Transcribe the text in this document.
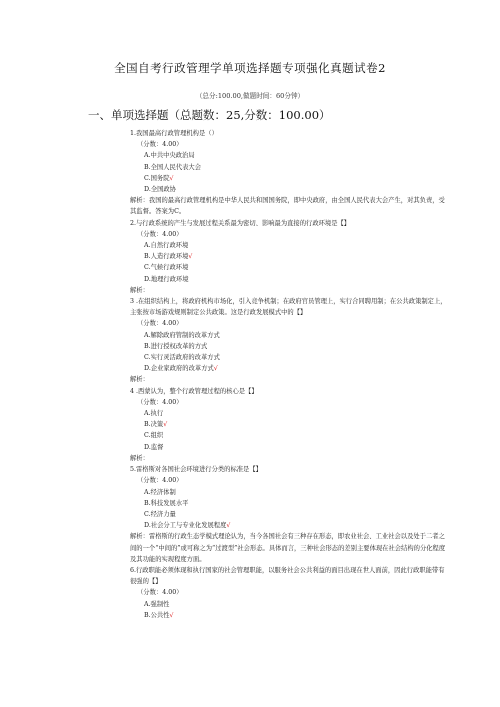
全国自考行政管理学单项选择题专项强化真题试卷2
（总分:100.00,做题时间：60分钟）
一、单项选择题（总题数：25,分数：100.00）
1.我国最高行政管理机构是（）
（分数：4.00）
A.中共中央政治局
B.全国人民代表大会
C.国务院√
D.全国政协
解析：我国的最高行政管理机构是中华人民共和国国务院，即中央政府，由全国人民代表大会产生，对其负责，受其监督。答案为C。
2.与行政系统的产生与发展过程关系最为密切、影响最为直接的行政环境是【】
（分数：4.00）
A.自然行政环境
B.人造行政环境√
C.气候行政环境
D.地理行政环境
解析：
3 .在组织结构上，将政府机构市场化，引入竞争机制；在政府官员管理上，实行合同聘用制；在公共政策制定上，主张按市场游戏规则制定公共政策。这是行政发展模式中的【】
（分数：4.00）
A.解除政府管制的改革方式
B.进行授权改革的方式
C.实行灵活政府的改革方式
D.企业家政府的改革方式√
解析：
4 .西蒙认为，整个行政管理过程的核心是【】
（分数：4.00）
A.执行
B.决策√
C.组织
D.监督
解析：
5.雷格斯对各国社会环境进行分类的标准是【】
（分数：4.00）
A.经济体制
B.科技发展水平
C.经济力量
D.社会分工与专业化发展程度√
解析：雷格斯的行政生态学模式理论认为，当今各国社会有三种存在形态，即农业社会、工业社会以及处于二者之间的一个“中间的”或可称之为“过渡型”社会形态。具体而言，三种社会形态的差别主要体现在社会结构的分化程度及其功能的实现程度方面。
6.行政职能必须体现和执行国家的社会管理职能，以服务社会公共利益的面目出现在世人面前，因此行政职能带有很强的【】
（分数：4.00）
A.强制性
B.公共性√
